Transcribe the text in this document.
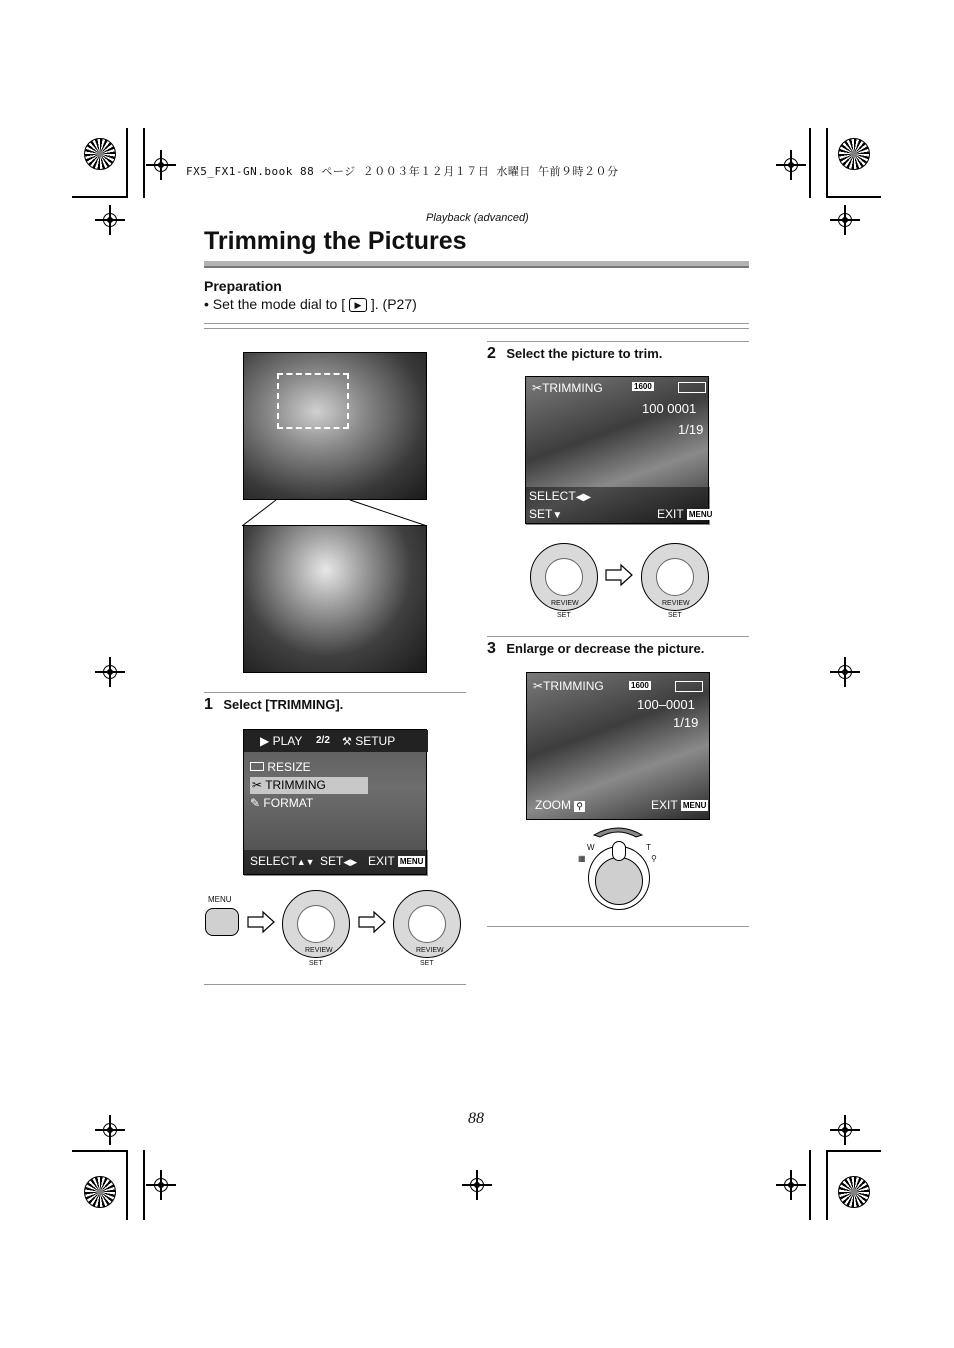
FX5_FX1-GN.book 88 ページ ２００３年１２月１７日 水曜日 午前９時２０分
Playback (advanced)
Trimming the Pictures
Preparation
• Set the mode dial to [ ▶ ]. (P27)
1 Select [TRIMMING].
▶ PLAY 2/2 ⚒ SETUP
RESIZE
✂ TRIMMING
✎ FORMAT
SELECT▲▼ SET◀▶ EXIT MENU
MENU
REVIEW
SET
REVIEW
SET
2 Select the picture to trim.
✂TRIMMING	1600
100 0001
1/19
SELECT◀▶
SET▼	EXIT MENU
REVIEW
SET
REVIEW
SET
3 Enlarge or decrease the picture.
✂TRIMMING	1600
100–0001
1/19
ZOOM ⚲	EXIT MENU
W	T
▦	⚲
88
